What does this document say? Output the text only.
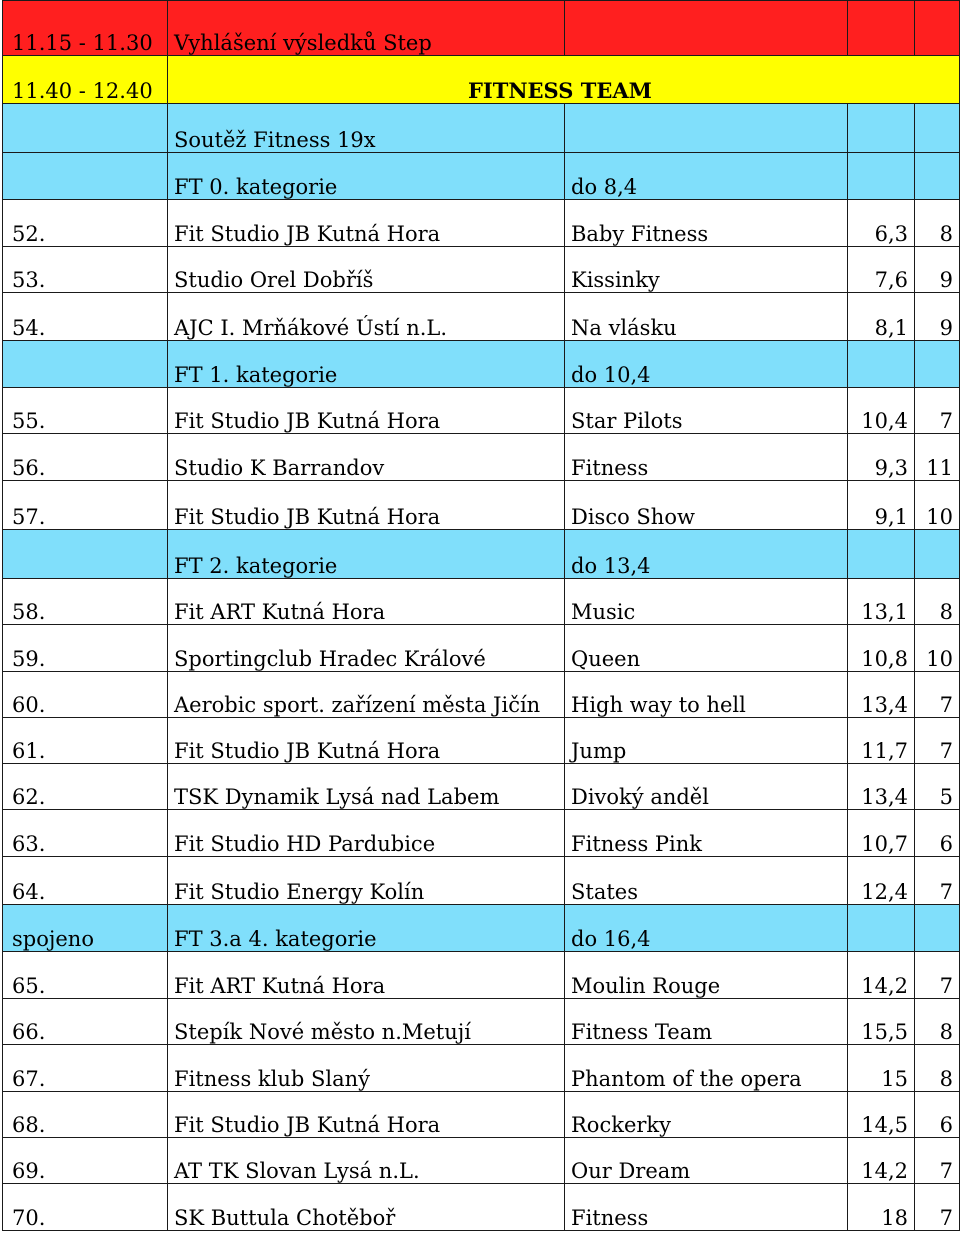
11.15 - 11.30	Vyhlášení výsledků Step			
11.40 - 12.40	FITNESS TEAM			
	Soutěž Fitness 19x			
	FT 0. kategorie	do 8,4		
52.	Fit Studio JB Kutná Hora	Baby Fitness	6,3	8
53.	Studio Orel Dobříš	Kissinky	7,6	9
54.	AJC I. Mrňákové Ústí n.L.	Na vlásku	8,1	9
	FT 1. kategorie	do 10,4		
55.	Fit Studio JB Kutná Hora	Star Pilots	10,4	7
56.	Studio K Barrandov	Fitness	9,3	11
57.	Fit Studio JB Kutná Hora	Disco Show	9,1	10
	FT 2. kategorie	do 13,4		
58.	Fit ART Kutná Hora	Music	13,1	8
59.	Sportingclub Hradec Králové	Queen	10,8	10
60.	Aerobic sport. zařízení města Jičín	High way to hell	13,4	7
61.	Fit Studio JB Kutná Hora	Jump	11,7	7
62.	TSK Dynamik Lysá nad Labem	Divoký anděl	13,4	5
63.	Fit Studio HD Pardubice	Fitness Pink	10,7	6
64.	Fit Studio Energy Kolín	States	12,4	7
spojeno	FT 3.a 4. kategorie	do 16,4		
65.	Fit ART Kutná Hora	Moulin Rouge	14,2	7
66.	Stepík Nové město n.Metují	Fitness Team	15,5	8
67.	Fitness klub Slaný	Phantom of the opera	15	8
68.	Fit Studio JB Kutná Hora	Rockerky	14,5	6
69.	AT TK Slovan Lysá n.L.	Our Dream	14,2	7
70.	SK Buttula Chotěboř	Fitness	18	7
